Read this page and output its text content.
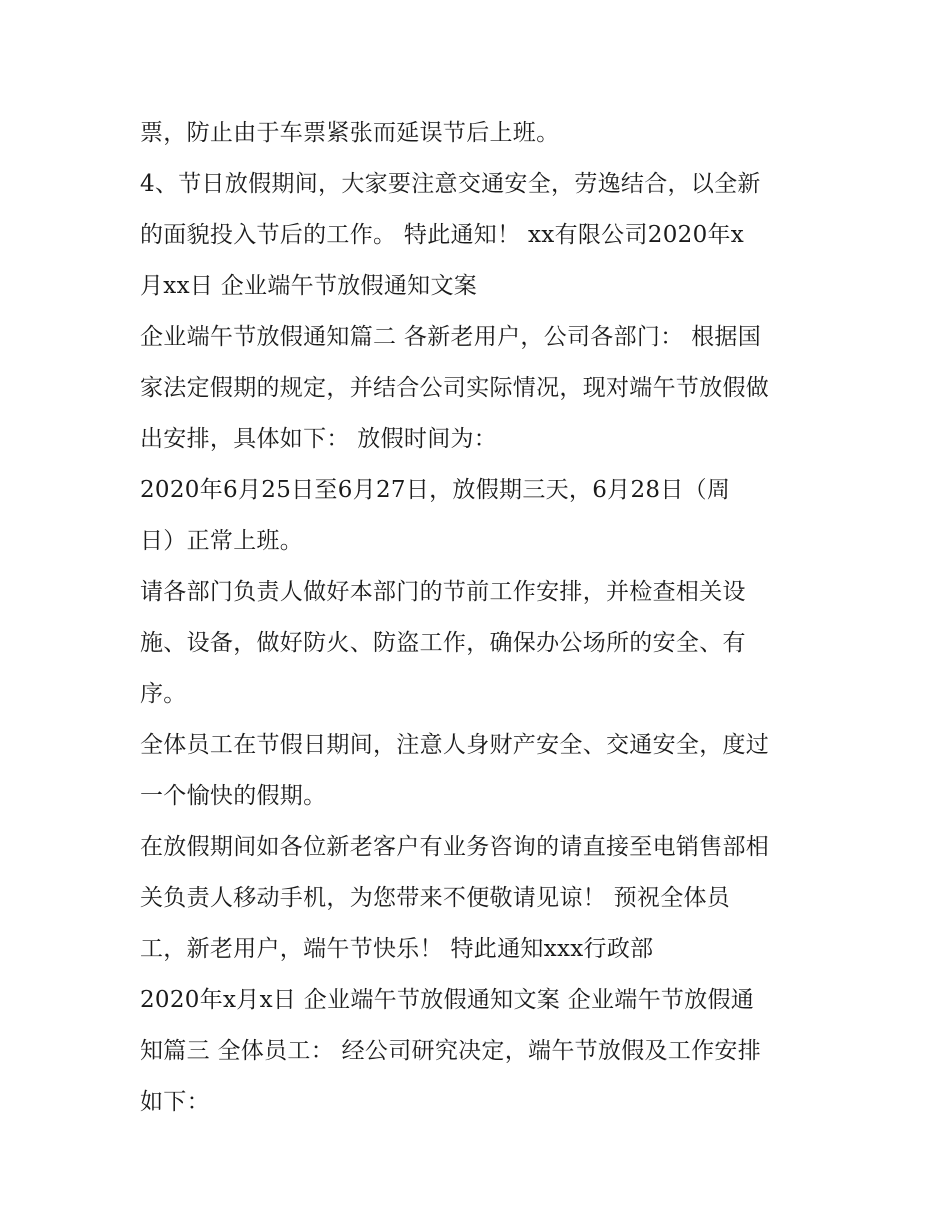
票，防止由于车票紧张而延误节后上班。
4、节日放假期间，大家要注意交通安全，劳逸结合，以全新
的面貌投入节后的工作。 特此通知！ xx有限公司2020年x
月xx日 企业端午节放假通知文案
企业端午节放假通知篇二 各新老用户，公司各部门： 根据国
家法定假期的规定，并结合公司实际情况，现对端午节放假做
出安排，具体如下： 放假时间为：
2020年6月25日至6月27日，放假期三天，6月28日（周
日）正常上班。
请各部门负责人做好本部门的节前工作安排，并检查相关设
施、设备，做好防火、防盗工作，确保办公场所的安全、有
序。
全体员工在节假日期间，注意人身财产安全、交通安全，度过
一个愉快的假期。
在放假期间如各位新老客户有业务咨询的请直接至电销售部相
关负责人移动手机，为您带来不便敬请见谅！ 预祝全体员
工，新老用户，端午节快乐！ 特此通知xxx行政部
2020年x月x日 企业端午节放假通知文案 企业端午节放假通
知篇三 全体员工： 经公司研究决定，端午节放假及工作安排
如下：
